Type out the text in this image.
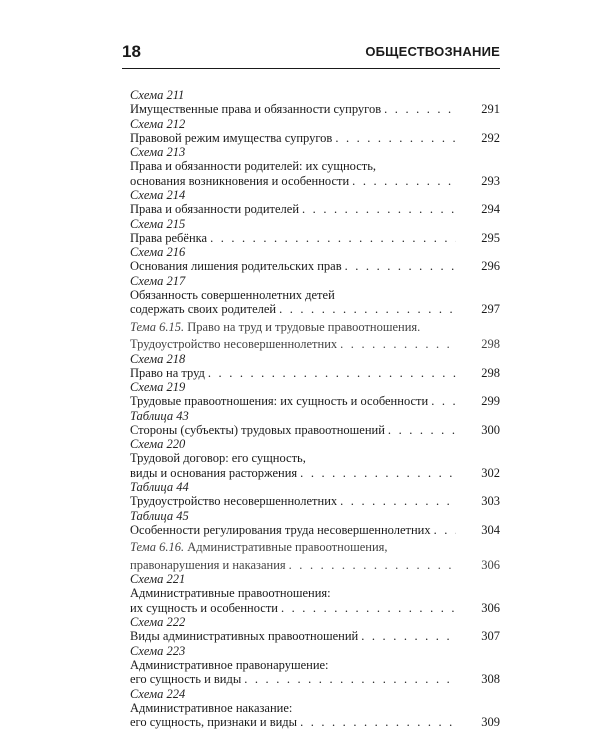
18	ОБЩЕСТВОЗНАНИЕ
Схема 211
Имущественные права и обязанности супругов . . .	291
Схема 212
Правовой режим имущества супругов . . .	292
Схема 213
Права и обязанности родителей: их сущность,
основания возникновения и особенности . . .	293
Схема 214
Права и обязанности родителей . . .	294
Схема 215
Права ребёнка . . .	295
Схема 216
Основания лишения родительских прав . . .	296
Схема 217
Обязанность совершеннолетних детей
содержать своих родителей . . .	297
Тема 6.15. Право на труд и трудовые правоотношения.
Трудоустройство несовершеннолетних . . .	298
Схема 218
Право на труд . . .	298
Схема 219
Трудовые правоотношения: их сущность и особенности . . .	299
Таблица 43
Стороны (субъекты) трудовых правоотношений . . .	300
Схема 220
Трудовой договор: его сущность,
виды и основания расторжения . . .	302
Таблица 44
Трудоустройство несовершеннолетних . . .	303
Таблица 45
Особенности регулирования труда несовершеннолетних . . .	304
Тема 6.16. Административные правоотношения,
правонарушения и наказания . . .	306
Схема 221
Административные правоотношения:
их сущность и особенности . . .	306
Схема 222
Виды административных правоотношений . . .	307
Схема 223
Административное правонарушение:
его сущность и виды . . .	308
Схема 224
Административное наказание:
его сущность, признаки и виды . . .	309
